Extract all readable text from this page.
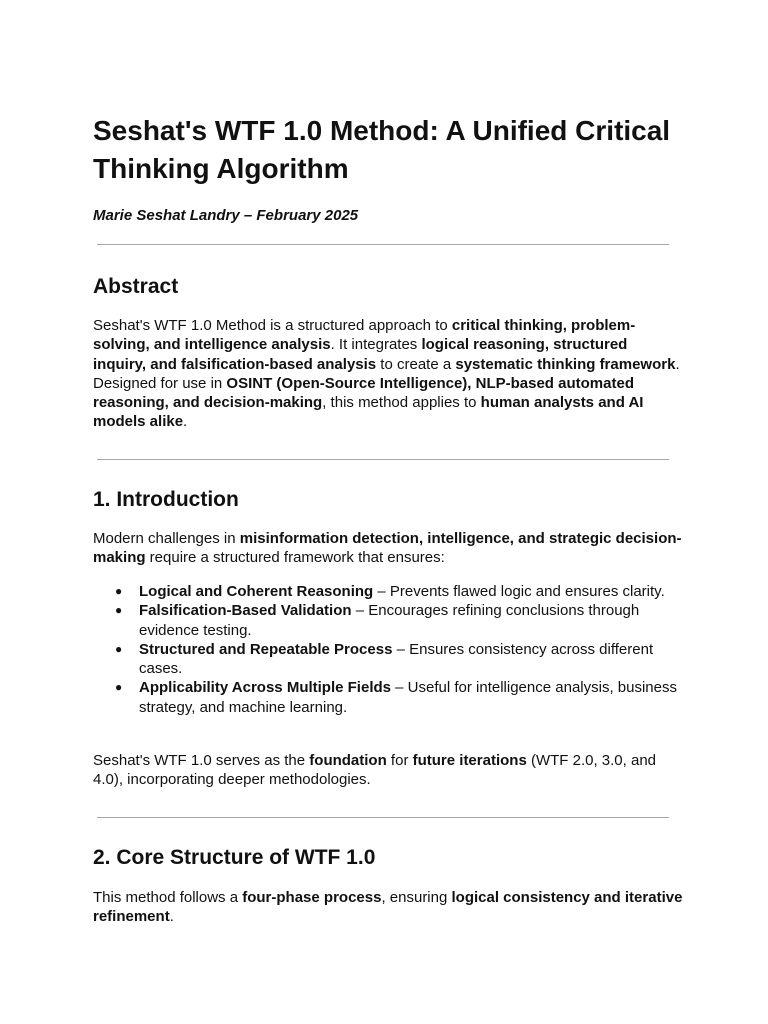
Seshat's WTF 1.0 Method: A Unified Critical Thinking Algorithm

Marie Seshat Landry – February 2025

Abstract

Seshat's WTF 1.0 Method is a structured approach to critical thinking, problem-solving, and intelligence analysis. It integrates logical reasoning, structured inquiry, and falsification-based analysis to create a systematic thinking framework. Designed for use in OSINT (Open-Source Intelligence), NLP-based automated reasoning, and decision-making, this method applies to human analysts and AI models alike.

1. Introduction

Modern challenges in misinformation detection, intelligence, and strategic decision-making require a structured framework that ensures:

● Logical and Coherent Reasoning – Prevents flawed logic and ensures clarity.
● Falsification-Based Validation – Encourages refining conclusions through evidence testing.
● Structured and Repeatable Process – Ensures consistency across different cases.
● Applicability Across Multiple Fields – Useful for intelligence analysis, business strategy, and machine learning.

Seshat's WTF 1.0 serves as the foundation for future iterations (WTF 2.0, 3.0, and 4.0), incorporating deeper methodologies.

2. Core Structure of WTF 1.0

This method follows a four-phase process, ensuring logical consistency and iterative refinement.
